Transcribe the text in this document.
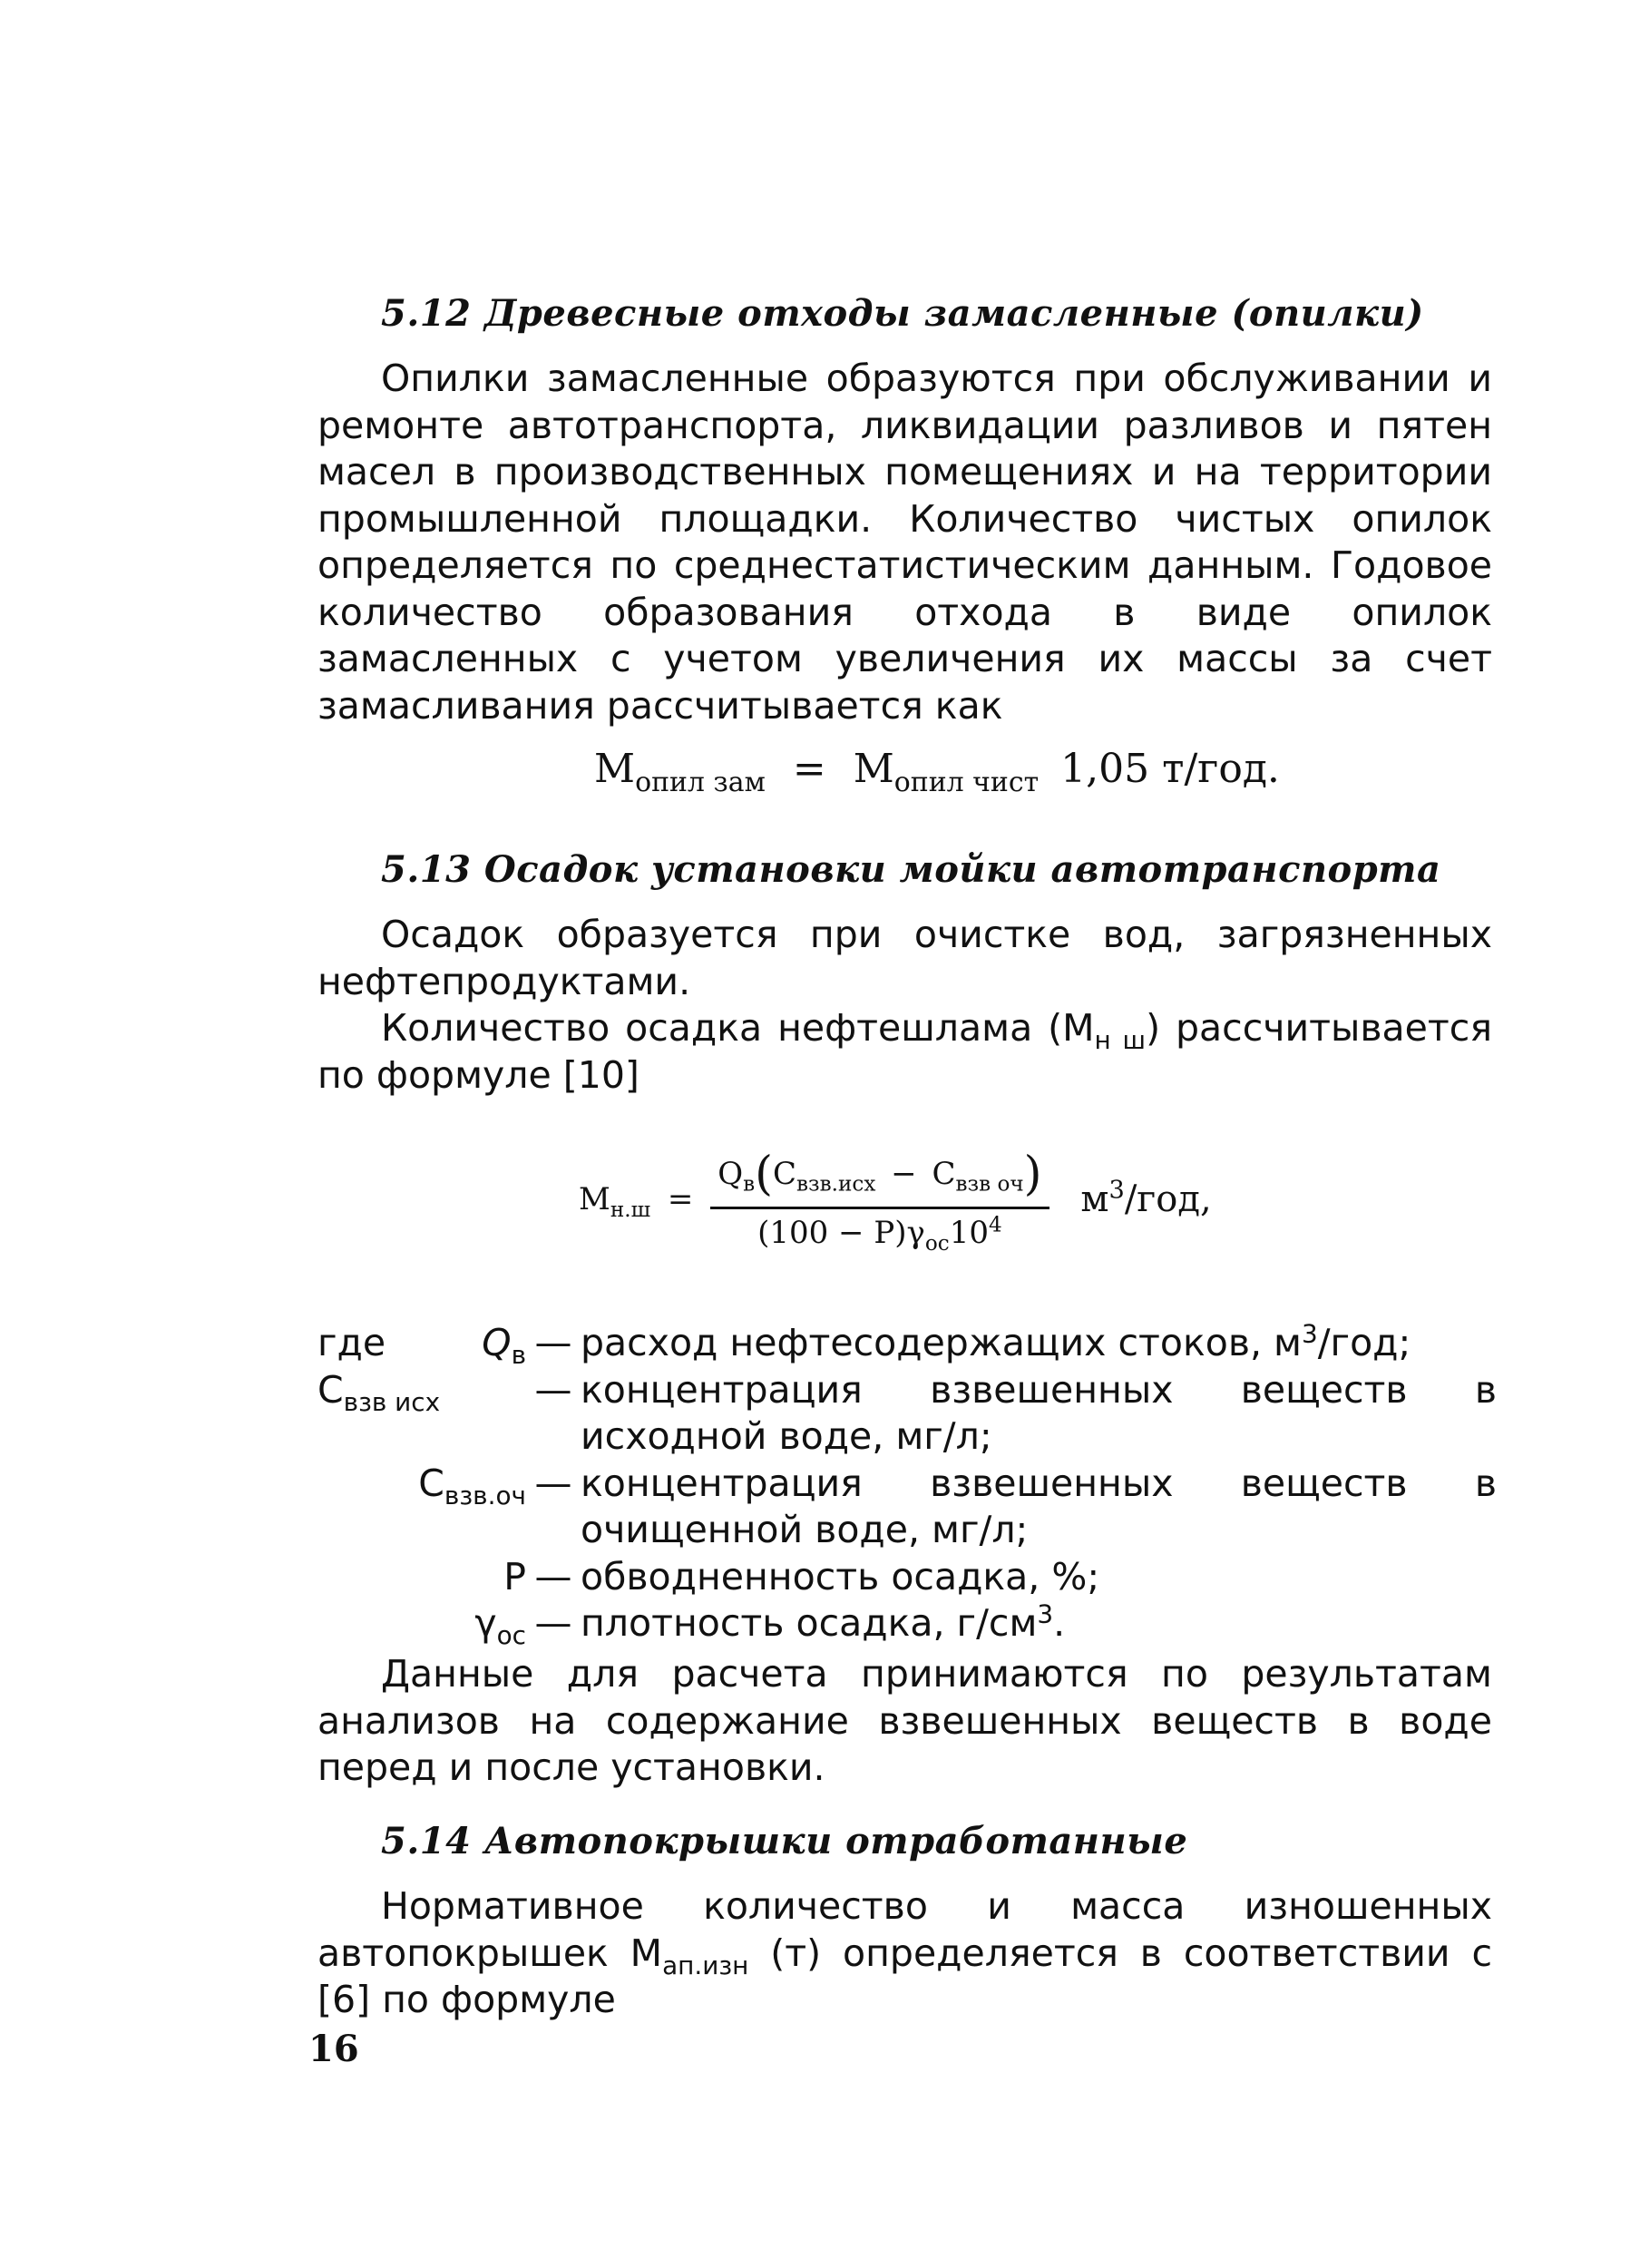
5.12 Древесные отходы замасленные (опилки)
Опилки замасленные образуются при обслуживании и ремонте автотранспорта, ликвидации разливов и пятен масел в производственных помещениях и на территории промышленной площадки. Количество чистых опилок определяется по среднестатистическим данным. Годовое количество образования отхода в виде опилок замасленных с учетом увеличения их массы за счет замасливания рассчитывается как
$M_{опил зам} = M_{опил чист}$ 1,05 т/год.
5.13 Осадок установки мойки автотранспорта
Осадок образуется при очистке вод, загрязненных нефтепродуктами.
Количество осадка нефтешлама $(M_{н ш})$ рассчитывается по формуле [10]
$M_{н.ш} = \frac{Q_в(C_{взв.исх} - C_{взв оч})}{(100 - P)\gamma_{ос}10^4} м^3/год$,
где	$Q_в$ — расход нефтесодержащих стоков, $м^3$/год;
$C_{взв исх}$	— концентрация взвешенных веществ в исходной воде, мг/л;
$C_{взв.оч}$ — концентрация взвешенных веществ в очищенной воде, мг/л;
P — обводненность осадка, %;
$\gamma_{ос}$ — плотность осадка, $г/см^3$.
Данные для расчета принимаются по результатам анализов на содержание взвешенных веществ в воде перед и после установки.
5.14 Автопокрышки отработанные
Нормативное количество и масса изношенных автопокрышек $M_{ап.изн}$ (т) определяется в соответствии с [6] по формуле
16
